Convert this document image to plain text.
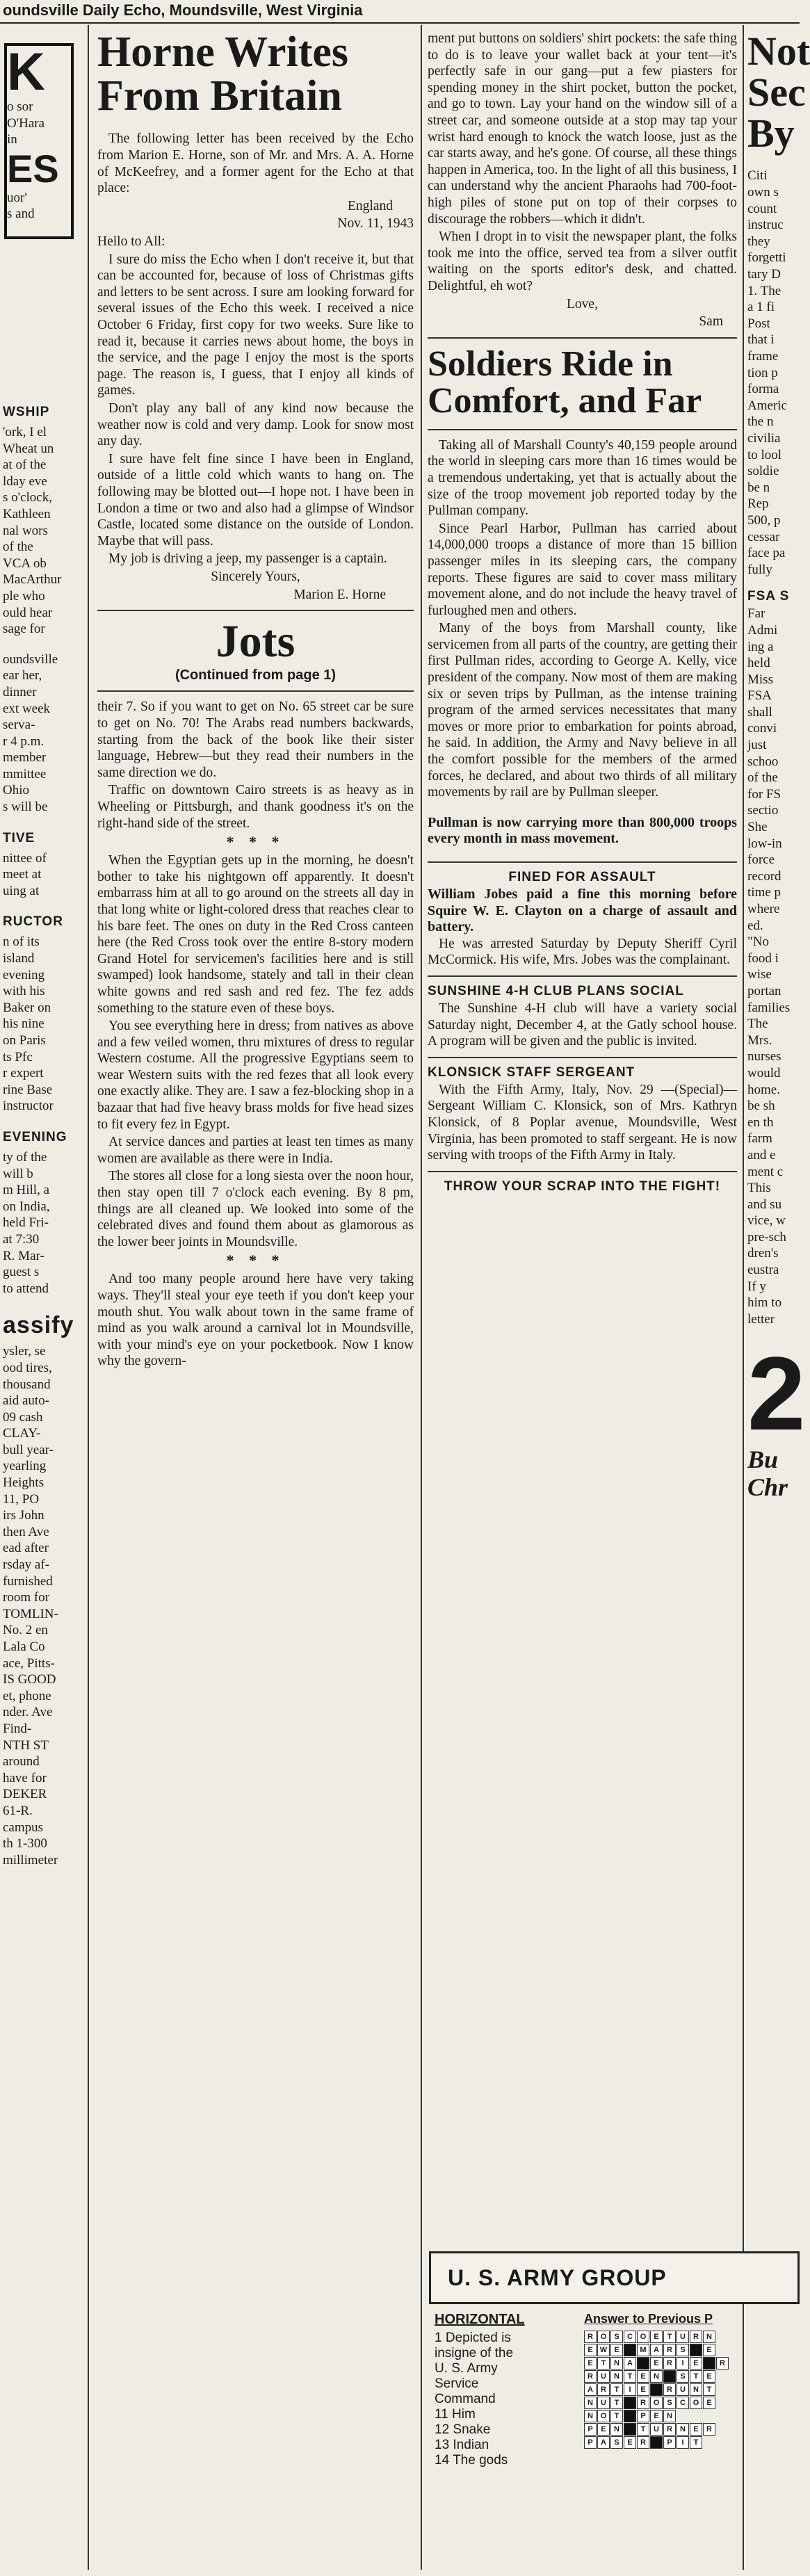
oundsville Daily Echo, Moundsville, West Virginia
K
o sor
O'Hara
in
ES
uor'
s and
WSHIP
'ork, I el
Wheat un
at of the
lday eve
s o'clock,
Kathleen
nal wors
of the
VCA ob
MacArthur
ple who
ould hear
sage for
oundsville
ear her,
dinner
ext week
serva-
r 4 p.m.
member
mmittee
Ohio
s will be
TIVE
nittee of
meet at
uing at
RUCTOR
n of its
island
evening
with his
Baker on
his nine
on Paris
ts Pfc
r expert
rine Base
instructor
EVENING
ty of the
will b
m Hill, a
on India,
held Fri-
at 7:30
R. Mar-
guest s
to attend
assify
ysler, se
ood tires,
thousand
aid auto-
09 cash
CLAY-
bull year-
yearling
Heights
11, PO
irs John
then Ave
ead after
rsday af-
furnished
room for
TOMLIN-
No. 2 en
Lala Co
ace, Pitts-
IS GOOD
et, phone
nder. Ave
Find-
NTH ST
around
have for
DEKER
61-R.
campus
th 1-300
millimeter
Horne Writes From Britain

The following letter has been received by the Echo from Marion E. Horne, son of Mr. and Mrs. A. A. Horne of McKeefrey, and a former agent for the Echo at that place:

England

Nov. 11, 1943

Hello to All:

I sure do miss the Echo when I don't receive it, but that can be accounted for, because of loss of Christmas gifts and letters to be sent across. I sure am looking forward for several issues of the Echo this week. I received a nice October 6 Friday, first copy for two weeks. Sure like to read it, because it carries news about home, the boys in the service, and the page I enjoy the most is the sports page. The reason is, I guess, that I enjoy all kinds of games.

Don't play any ball of any kind now because the weather now is cold and very damp. Look for snow most any day.

I sure have felt fine since I have been in England, outside of a little cold which wants to hang on. The following may be blotted out—I hope not. I have been in London a time or two and also had a glimpse of Windsor Castle, located some distance on the outside of London. Maybe that will pass.

My job is driving a jeep, my passenger is a captain.

Sincerely Yours,

Marion E. Horne

Jots

(Continued from page 1)

their 7. So if you want to get on No. 65 street car be sure to get on No. 70! The Arabs read numbers backwards, starting from the back of the book like their sister language, Hebrew—but they read their numbers in the same direction we do.

Traffic on downtown Cairo streets is as heavy as in Wheeling or Pittsburgh, and thank goodness it's on the right-hand side of the street.

* * *

When the Egyptian gets up in the morning, he doesn't bother to take his nightgown off apparently. It doesn't embarrass him at all to go around on the streets all day in that long white or light-colored dress that reaches clear to his bare feet. The ones on duty in the Red Cross canteen here (the Red Cross took over the entire 8-story modern Grand Hotel for servicemen's facilities here and is still swamped) look handsome, stately and tall in their clean white gowns and red sash and red fez. The fez adds something to the stature even of these boys.

You see everything here in dress; from natives as above and a few veiled women, thru mixtures of dress to regular Western costume. All the progressive Egyptians seem to wear Western suits with the red fezes that all look every one exactly alike. They are. I saw a fez-blocking shop in a bazaar that had five heavy brass molds for five head sizes to fit every fez in Egypt.

At service dances and parties at least ten times as many women are available as there were in India.

The stores all close for a long siesta over the noon hour, then stay open till 7 o'clock each evening. By 8 pm, things are all cleaned up. We looked into some of the celebrated dives and found them about as glamorous as the lower beer joints in Moundsville.

* * *

And too many people around here have very taking ways. They'll steal your eye teeth if you don't keep your mouth shut. You walk about town in the same frame of mind as you walk around a carnival lot in Moundsville, with your mind's eye on your pocketbook. Now I know why the govern-

ment put buttons on soldiers' shirt pockets: the safe thing to do is to leave your wallet back at your tent—it's perfectly safe in our gang—put a few piasters for spending money in the shirt pocket, button the pocket, and go to town. Lay your hand on the window sill of a street car, and someone outside at a stop may tap your wrist hard enough to knock the watch loose, just as the car starts away, and he's gone. Of course, all these things happen in America, too. In the light of all this business, I can understand why the ancient Pharaohs had 700-foot-high piles of stone put on top of their corpses to discourage the robbers—which it didn't.

When I dropt in to visit the newspaper plant, the folks took me into the office, served tea from a silver outfit waiting on the sports editor's desk, and chatted. Delightful, eh wot?

Love,

Sam

Soldiers Ride in Comfort, and Far

Taking all of Marshall County's 40,159 people around the world in sleeping cars more than 16 times would be a tremendous undertaking, yet that is actually about the size of the troop movement job reported today by the Pullman company.

Since Pearl Harbor, Pullman has carried about 14,000,000 troops a distance of more than 15 billion passenger miles in its sleeping cars, the company reports. These figures are said to cover mass military movement alone, and do not include the heavy travel of furloughed men and others.

Many of the boys from Marshall county, like servicemen from all parts of the country, are getting their first Pullman rides, according to George A. Kelly, vice president of the company. Now most of them are making six or seven trips by Pullman, as the intense training program of the armed services necessitates that many moves or more prior to embarkation for points abroad, he said. In addition, the Army and Navy believe in all the comfort possible for the members of the armed forces, he declared, and about two thirds of all military movements by rail are by Pullman sleeper.

Pullman is now carrying more than 800,000 troops every month in mass movement.

FINED FOR ASSAULT

William Jobes paid a fine this morning before Squire W. E. Clayton on a charge of assault and battery.

He was arrested Saturday by Deputy Sheriff Cyril McCormick. His wife, Mrs. Jobes was the complainant.

SUNSHINE 4-H CLUB PLANS SOCIAL

The Sunshine 4-H club will have a variety social Saturday night, December 4, at the Gatly school house. A program will be given and the public is invited.

KLONSICK STAFF SERGEANT

With the Fifth Army, Italy, Nov. 29 —(Special)— Sergeant William C. Klonsick, son of Mrs. Kathryn Klonsick, of 8 Poplar avenue, Moundsville, West Virginia, has been promoted to staff sergeant. He is now serving with troops of the Fifth Army in Italy.

THROW YOUR SCRAP INTO THE FIGHT!
Not
Sec
By
Citi
own s
count
instruc
they
forgetti
tary D
1. The
a 1 fi
Post
that i
frame
tion p
forma
Americ
the n
civilia
to lool
soldie
be n
Rep
500, p
cessar
face pa
fully
FSA S
Far
Admi
ing a
held
Miss
FSA
shall
convi
just
schoo
of the
for FS
sectio
She
low-in
force
record
time p
where
ed.
"No
food i
wise
portan
families
The
Mrs.
nurses
would
home.
be sh
en th
farm
and e
ment c
This
and su
vice, w
pre-sch
dren's
eustra
If y
him to
letter
2
Bu
Chr
U. S. ARMY GROUP
HORIZONTAL
1 Depicted is
insigne of the
U. S. Army
Service
Command
11 Him
12 Snake
13 Indian
14 The gods
Answer to Previous P
R O	S	C O	E	T	U	R	N
E W E	M A	R	S	E
E	T	N	A	E	R	I	E	R
R	U	N	T	E	N	S	T	E
A	R	T	I	E	R	U	N	T
N	U	T	R O	S	C O	E
N O	T	P	E	N
P	E	N	T	U	R	N	E	R
P	A	S	E	R	P	I	T
